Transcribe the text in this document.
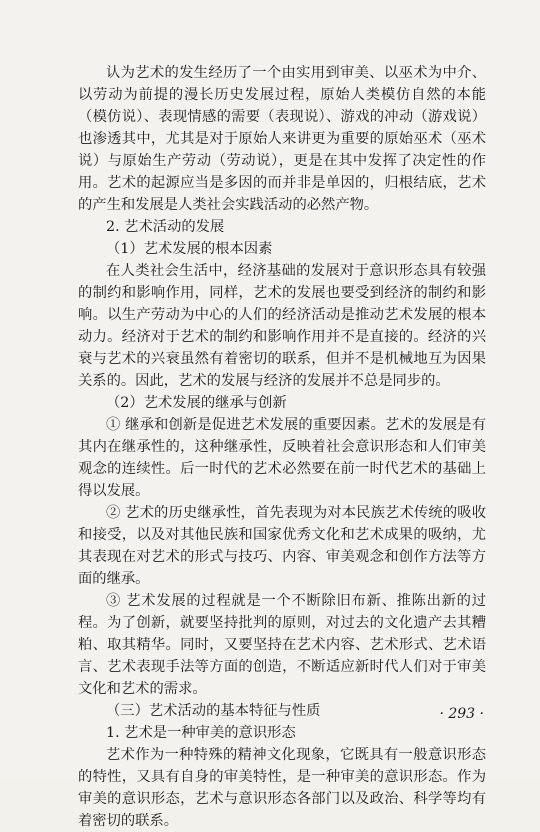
认为艺术的发生经历了一个由实用到审美、以巫术为中介、以劳动为前提的漫长历史发展过程，原始人类模仿自然的本能（模仿说）、表现情感的需要（表现说）、游戏的冲动（游戏说）也渗透其中，尤其是对于原始人来讲更为重要的原始巫术（巫术说）与原始生产劳动（劳动说），更是在其中发挥了决定性的作用。艺术的起源应当是多因的而并非是单因的，归根结底，艺术的产生和发展是人类社会实践活动的必然产物。

2. 艺术活动的发展

（1）艺术发展的根本因素

在人类社会生活中，经济基础的发展对于意识形态具有较强的制约和影响作用，同样，艺术的发展也要受到经济的制约和影响。以生产劳动为中心的人们的经济活动是推动艺术发展的根本动力。经济对于艺术的制约和影响作用并不是直接的。经济的兴衰与艺术的兴衰虽然有着密切的联系，但并不是机械地互为因果关系的。因此，艺术的发展与经济的发展并不总是同步的。

（2）艺术发展的继承与创新

① 继承和创新是促进艺术发展的重要因素。艺术的发展是有其内在继承性的，这种继承性，反映着社会意识形态和人们审美观念的连续性。后一时代的艺术必然要在前一时代艺术的基础上得以发展。

② 艺术的历史继承性，首先表现为对本民族艺术传统的吸收和接受，以及对其他民族和国家优秀文化和艺术成果的吸纳，尤其表现在对艺术的形式与技巧、内容、审美观念和创作方法等方面的继承。

③ 艺术发展的过程就是一个不断除旧布新、推陈出新的过程。为了创新，就要坚持批判的原则，对过去的文化遗产去其糟粕、取其精华。同时，又要坚持在艺术内容、艺术形式、艺术语言、艺术表现手法等方面的创造，不断适应新时代人们对于审美文化和艺术的需求。

（三）艺术活动的基本特征与性质

1. 艺术是一种审美的意识形态

艺术作为一种特殊的精神文化现象，它既具有一般意识形态的特性，又具有自身的审美特性，是一种审美的意识形态。作为审美的意识形态，艺术与意识形态各部门以及政治、科学等均有着密切的联系。

· 293 ·
